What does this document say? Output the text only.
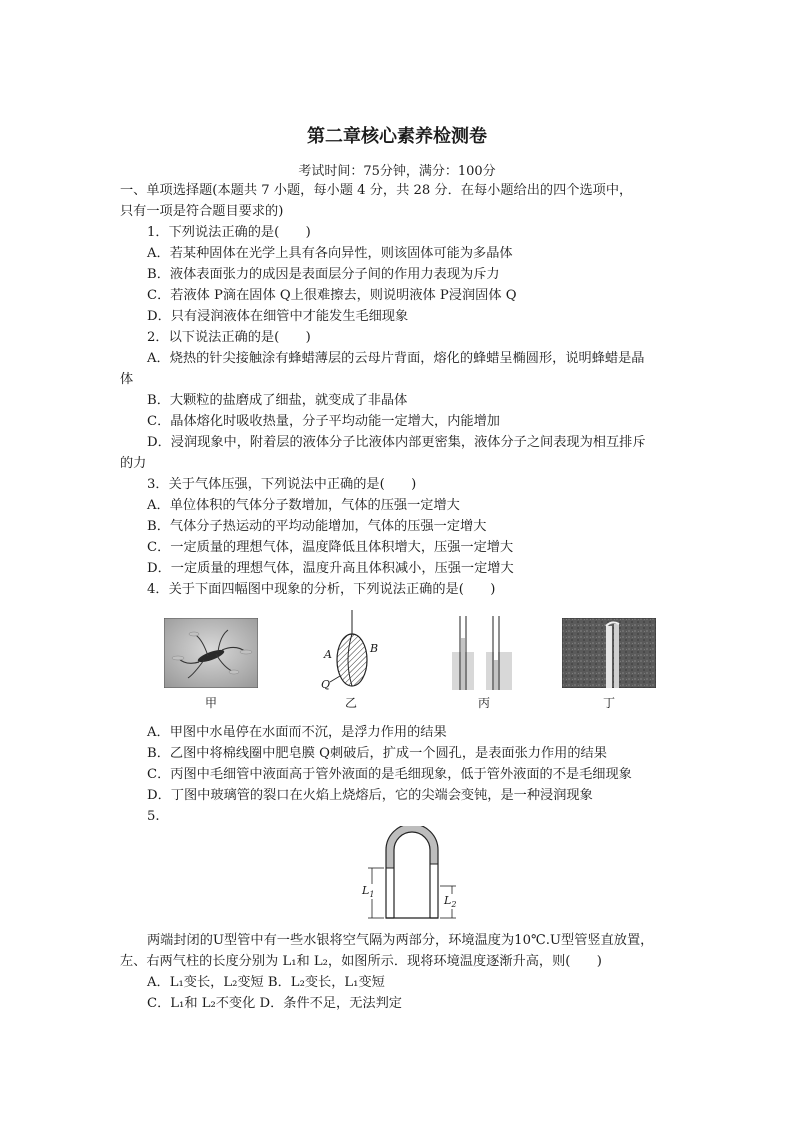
第二章核心素养检测卷
考试时间：75分钟，满分：100分
一、单项选择题(本题共 7 小题，每小题 4 分，共 28 分．在每小题给出的四个选项中，
只有一项是符合题目要求的)
1．下列说法正确的是(　　)
A．若某种固体在光学上具有各向异性，则该固体可能为多晶体
B．液体表面张力的成因是表面层分子间的作用力表现为斥力
C．若液体 P滴在固体 Q上很难擦去，则说明液体 P浸润固体 Q
D．只有浸润液体在细管中才能发生毛细现象
2．以下说法正确的是(　　)
A．烧热的针尖接触涂有蜂蜡薄层的云母片背面，熔化的蜂蜡呈椭圆形，说明蜂蜡是晶
体
B．大颗粒的盐磨成了细盐，就变成了非晶体
C．晶体熔化时吸收热量，分子平均动能一定增大，内能增加
D．浸润现象中，附着层的液体分子比液体内部更密集，液体分子之间表现为相互排斥
的力
3．关于气体压强，下列说法中正确的是(　　)
A．单位体积的气体分子数增加，气体的压强一定增大
B．气体分子热运动的平均动能增加，气体的压强一定增大
C．一定质量的理想气体，温度降低且体积增大，压强一定增大
D．一定质量的理想气体，温度升高且体积减小，压强一定增大
4．关于下面四幅图中现象的分析，下列说法正确的是(　　)
甲
A	B
Q
乙	丙	丁
A．甲图中水黾停在水面而不沉，是浮力作用的结果
B．乙图中将棉线圈中肥皂膜 Q刺破后，扩成一个圆孔，是表面张力作用的结果
C．丙图中毛细管中液面高于管外液面的是毛细现象，低于管外液面的不是毛细现象
D．丁图中玻璃管的裂口在火焰上烧熔后，它的尖端会变钝，是一种浸润现象
5.
$L_1$	$L_2$
两端封闭的U型管中有一些水银将空气隔为两部分，环境温度为10℃.U型管竖直放置，
左、右两气柱的长度分别为 L₁和 L₂，如图所示．现将环境温度逐渐升高，则(　　)
A．L₁变长，L₂变短 B．L₂变长，L₁变短
C．L₁和 L₂不变化 D．条件不足，无法判定
